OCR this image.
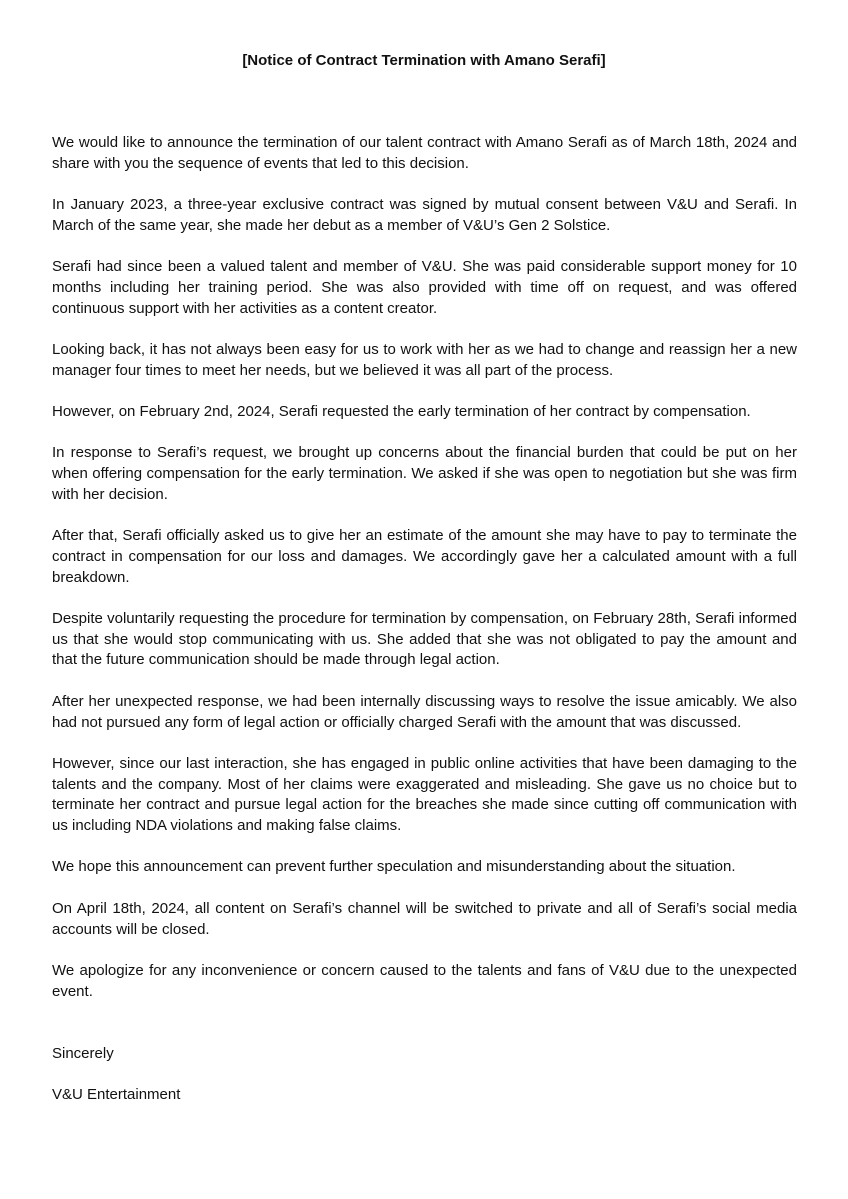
[Notice of Contract Termination with Amano Serafi]

We would like to announce the termination of our talent contract with Amano Serafi as of March 18th, 2024 and share with you the sequence of events that led to this decision.

In January 2023, a three-year exclusive contract was signed by mutual consent between V&U and Serafi. In March of the same year, she made her debut as a member of V&U’s Gen 2 Solstice.

Serafi had since been a valued talent and member of V&U. She was paid considerable support money for 10 months including her training period. She was also provided with time off on request, and was offered continuous support with her activities as a content creator.

Looking back, it has not always been easy for us to work with her as we had to change and reassign her a new manager four times to meet her needs, but we believed it was all part of the process.

However, on February 2nd, 2024, Serafi requested the early termination of her contract by compensation.

In response to Serafi’s request, we brought up concerns about the financial burden that could be put on her when offering compensation for the early termination. We asked if she was open to negotiation but she was firm with her decision.

After that, Serafi officially asked us to give her an estimate of the amount she may have to pay to terminate the contract in compensation for our loss and damages. We accordingly gave her a calculated amount with a full breakdown.

Despite voluntarily requesting the procedure for termination by compensation, on February 28th, Serafi informed us that she would stop communicating with us. She added that she was not obligated to pay the amount and that the future communication should be made through legal action.

After her unexpected response, we had been internally discussing ways to resolve the issue amicably. We also had not pursued any form of legal action or officially charged Serafi with the amount that was discussed.

However, since our last interaction, she has engaged in public online activities that have been damaging to the talents and the company. Most of her claims were exaggerated and misleading. She gave us no choice but to terminate her contract and pursue legal action for the breaches she made since cutting off communication with us including NDA violations and making false claims.

We hope this announcement can prevent further speculation and misunderstanding about the situation.

On April 18th, 2024, all content on Serafi’s channel will be switched to private and all of Serafi’s social media accounts will be closed.

We apologize for any inconvenience or concern caused to the talents and fans of V&U due to the unexpected event.

Sincerely

V&U Entertainment
